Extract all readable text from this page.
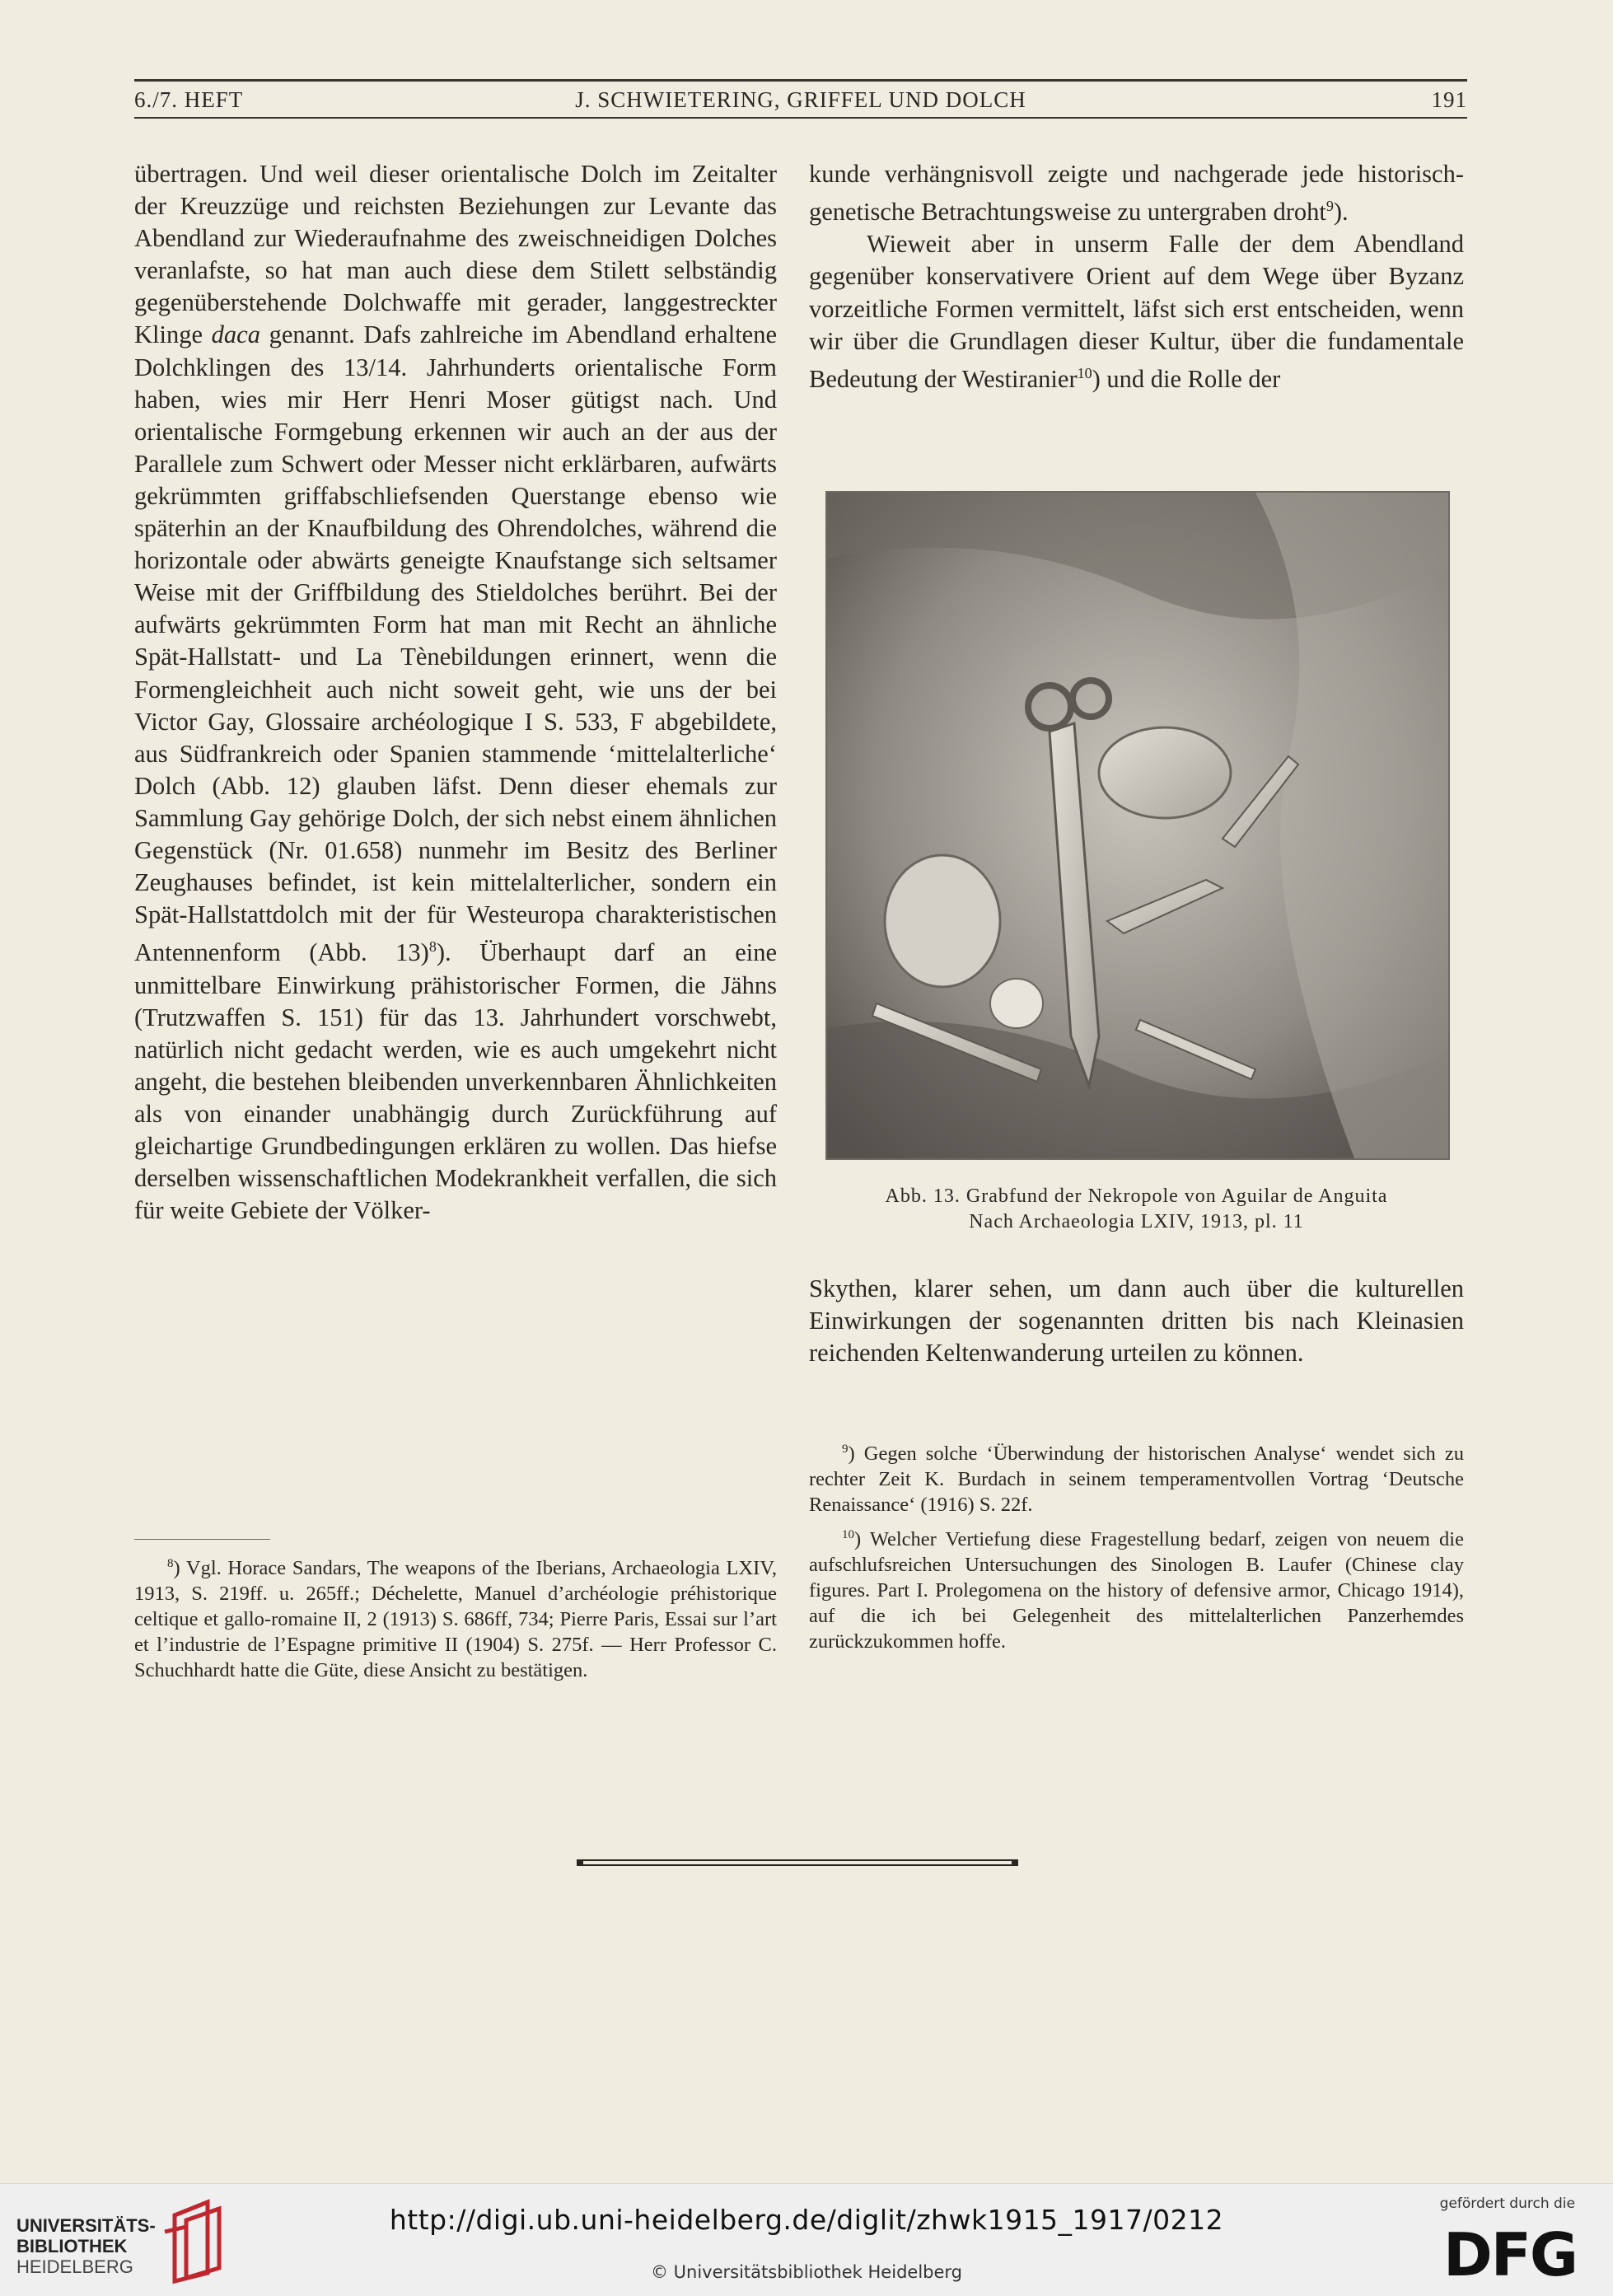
6./7. HEFT	J. SCHWIETERING, GRIFFEL UND DOLCH	191

übertragen. Und weil dieser orientalische Dolch im Zeitalter der Kreuzzüge und reichsten Beziehungen zur Levante das Abendland zur Wiederaufnahme des zweischneidigen Dolches veranlafste, so hat man auch diese dem Stilett selbständig gegenüberstehende Dolchwaffe mit gerader, langgestreckter Klinge daca genannt. Dafs zahlreiche im Abendland erhaltene Dolchklingen des 13/14. Jahrhunderts orientalische Form haben, wies mir Herr Henri Moser gütigst nach. Und orientalische Formgebung erkennen wir auch an der aus der Parallele zum Schwert oder Messer nicht erklärbaren, aufwärts gekrümmten griffabschliefsenden Querstange ebenso wie späterhin an der Knaufbildung des Ohrendolches, während die horizontale oder abwärts geneigte Knaufstange sich seltsamer Weise mit der Griffbildung des Stieldolches berührt. Bei der aufwärts gekrümmten Form hat man mit Recht an ähnliche Spät-Hallstatt- und La Tènebildungen erinnert, wenn die Formengleichheit auch nicht soweit geht, wie uns der bei Victor Gay, Glossaire archéologique I S. 533, F abgebildete, aus Südfrankreich oder Spanien stammende ‘mittelalterliche‘ Dolch (Abb. 12) glauben läfst. Denn dieser ehemals zur Sammlung Gay gehörige Dolch, der sich nebst einem ähnlichen Gegenstück (Nr. 01.658) nunmehr im Besitz des Berliner Zeughauses befindet, ist kein mittelalterlicher, sondern ein Spät-Hallstattdolch mit der für Westeuropa charakteristischen Antennenform (Abb. 13)$^8$). Überhaupt darf an eine unmittelbare Einwirkung prähistorischer Formen, die Jähns (Trutzwaffen S. 151) für das 13. Jahrhundert vorschwebt, natürlich nicht gedacht werden, wie es auch umgekehrt nicht angeht, die bestehen bleibenden unverkennbaren Ähnlichkeiten als von einander unabhängig durch Zurückführung auf gleichartige Grundbedingungen erklären zu wollen. Das hiefse derselben wissenschaftlichen Modekrankheit verfallen, die sich für weite Gebiete der Völker-

kunde verhängnisvoll zeigte und nachgerade jede historisch-genetische Betrachtungsweise zu untergraben droht$^9$).

Wieweit aber in unserm Falle der dem Abendland gegenüber konservativere Orient auf dem Wege über Byzanz vorzeitliche Formen vermittelt, läfst sich erst entscheiden, wenn wir über die Grundlagen dieser Kultur, über die fundamentale Bedeutung der Westiranier$^{10}$) und die Rolle der

Abb. 13. Grabfund der Nekropole von Aguilar de Anguita
Nach Archaeologia LXIV, 1913, pl. 11

Skythen, klarer sehen, um dann auch über die kulturellen Einwirkungen der sogenannten dritten bis nach Kleinasien reichenden Keltenwanderung urteilen zu können.

$^8$) Vgl. Horace Sandars, The weapons of the Iberians, Archaeologia LXIV, 1913, S. 219ff. u. 265ff.; Déchelette, Manuel d’archéologie préhistorique celtique et gallo-romaine II, 2 (1913) S. 686ff, 734; Pierre Paris, Essai sur l’art et l’industrie de l’Espagne primitive II (1904) S. 275f. — Herr Professor C. Schuchhardt hatte die Güte, diese Ansicht zu bestätigen.

$^9$) Gegen solche ‘Überwindung der historischen Analyse‘ wendet sich zu rechter Zeit K. Burdach in seinem temperamentvollen Vortrag ‘Deutsche Renaissance‘ (1916) S. 22f.

$^{10}$) Welcher Vertiefung diese Fragestellung bedarf, zeigen von neuem die aufschlufsreichen Untersuchungen des Sinologen B. Laufer (Chinese clay figures. Part I. Prolegomena on the history of defensive armor, Chicago 1914), auf die ich bei Gelegenheit des mittelalterlichen Panzerhemdes zurückzukommen hoffe.

UNIVERSITÄTS-
BIBLIOTHEK
HEIDELBERG
http://digi.ub.uni-heidelberg.de/diglit/zhwk1915_1917/0212
© Universitätsbibliothek Heidelberg
gefördert durch die
DFG
